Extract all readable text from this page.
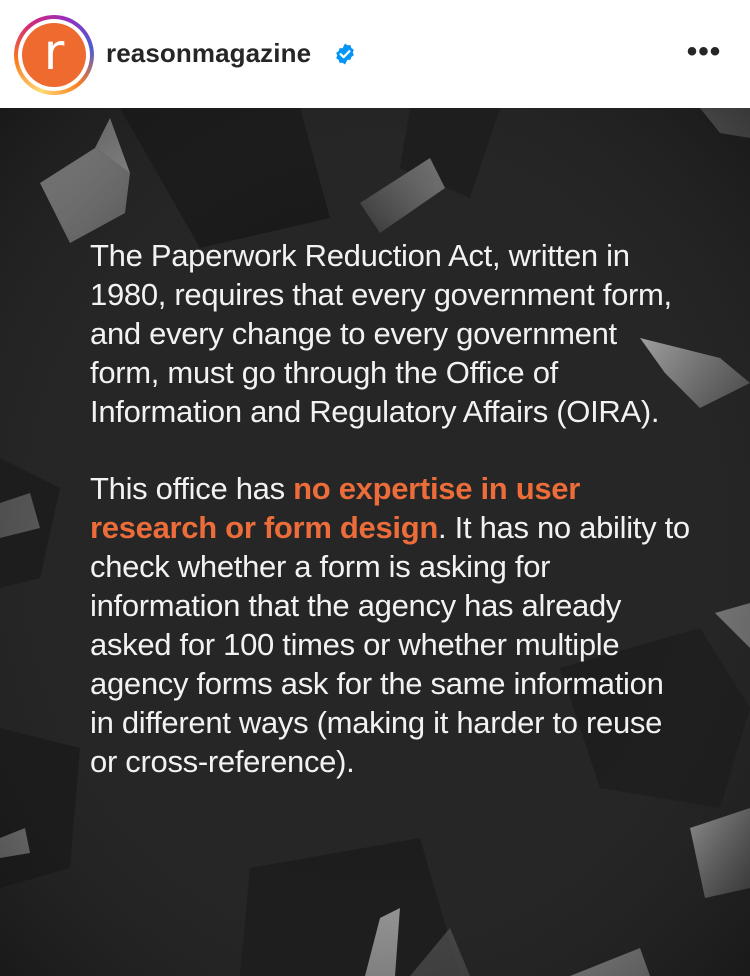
r	reasonmagazine	•••

The Paperwork Reduction Act, written in 1980, requires that every government form, and every change to every government form, must go through the Office of Information and Regulatory Affairs (OIRA).

This office has no expertise in user research or form design. It has no ability to check whether a form is asking for information that the agency has already asked for 100 times or whether multiple agency forms ask for the same information in different ways (making it harder to reuse or cross-reference).
